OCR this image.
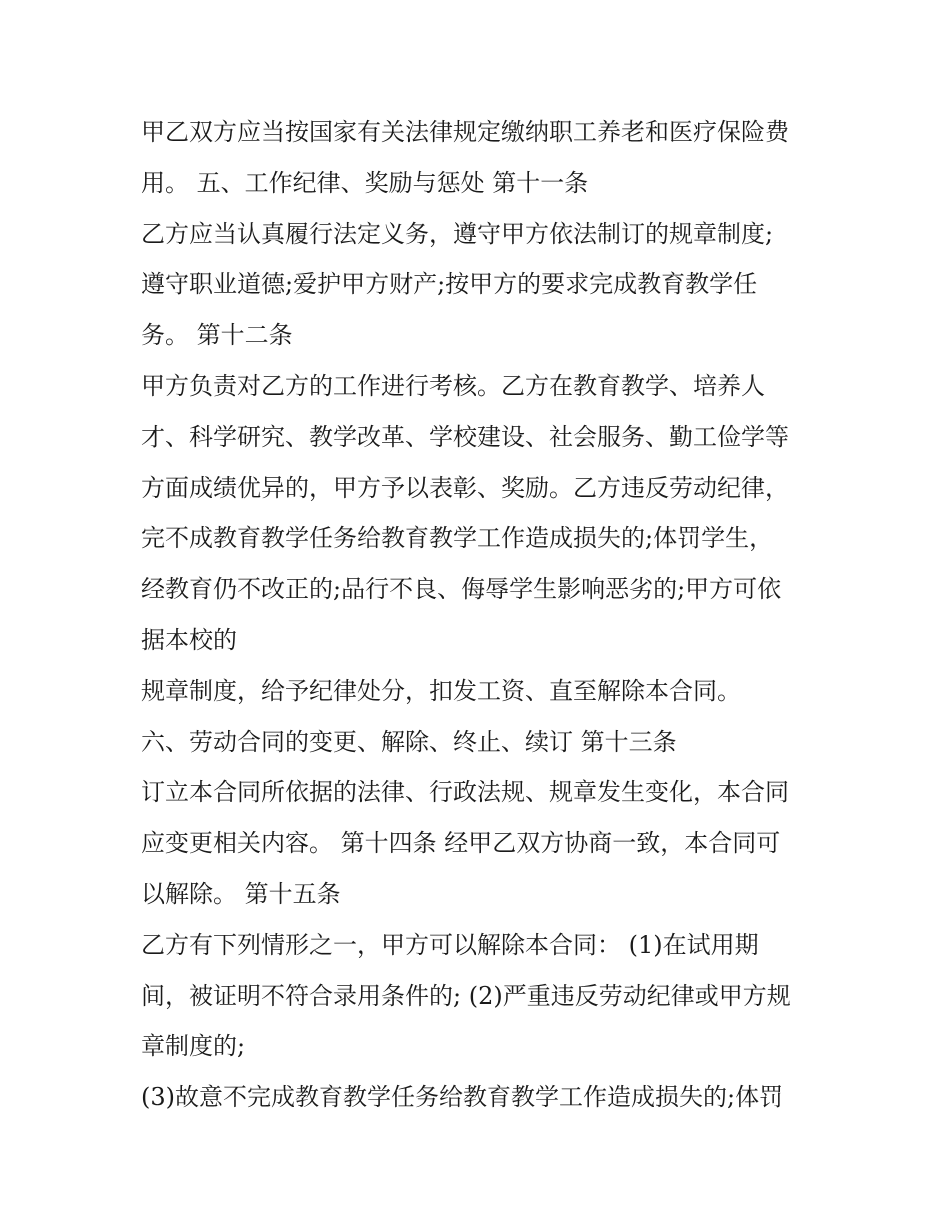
甲乙双方应当按国家有关法律规定缴纳职工养老和医疗保险费
用。 五、工作纪律、奖励与惩处 第十一条
乙方应当认真履行法定义务，遵守甲方依法制订的规章制度;
遵守职业道德;爱护甲方财产;按甲方的要求完成教育教学任
务。 第十二条
甲方负责对乙方的工作进行考核。乙方在教育教学、培养人
才、科学研究、教学改革、学校建设、社会服务、勤工俭学等
方面成绩优异的，甲方予以表彰、奖励。乙方违反劳动纪律，
完不成教育教学任务给教育教学工作造成损失的;体罚学生，
经教育仍不改正的;品行不良、侮辱学生影响恶劣的;甲方可依
据本校的
规章制度，给予纪律处分，扣发工资、直至解除本合同。
六、劳动合同的变更、解除、终止、续订 第十三条
订立本合同所依据的法律、行政法规、规章发生变化，本合同
应变更相关内容。 第十四条 经甲乙双方协商一致，本合同可
以解除。 第十五条
乙方有下列情形之一，甲方可以解除本合同： (1)在试用期
间，被证明不符合录用条件的; (2)严重违反劳动纪律或甲方规
章制度的;
(3)故意不完成教育教学任务给教育教学工作造成损失的;体罚
